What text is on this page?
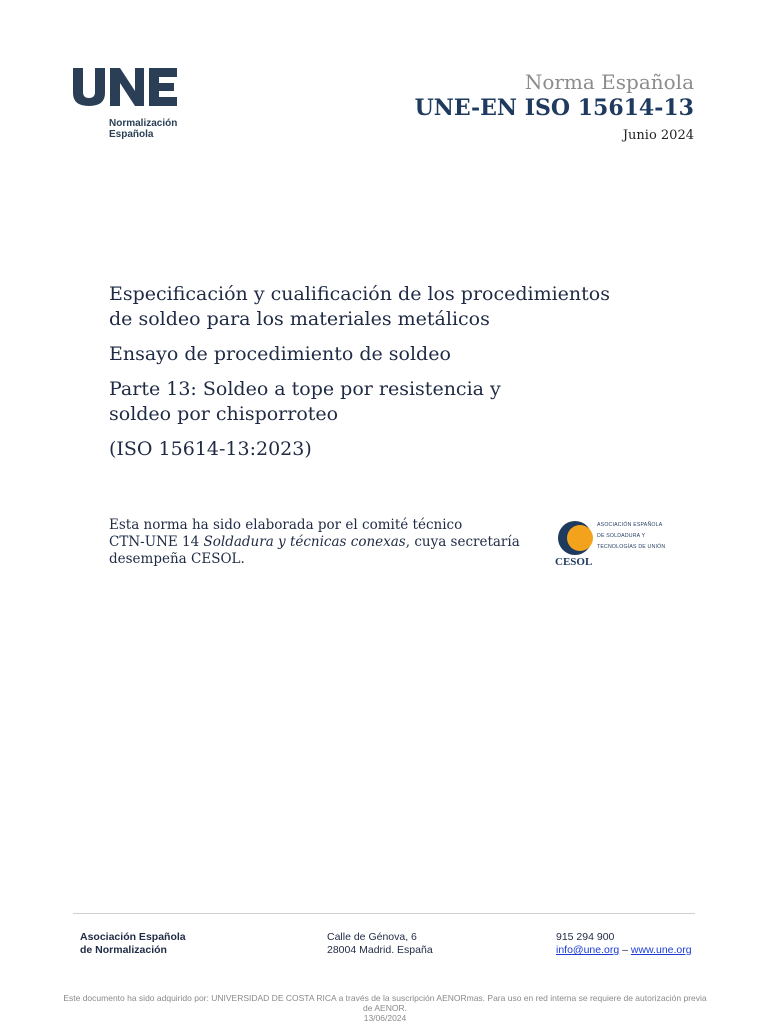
Normalización
Española
Norma Española
UNE-EN ISO 15614-13
Junio 2024

Especificación y cualificación de los procedimientos

de soldeo para los materiales metálicos

Ensayo de procedimiento de soldeo

Parte 13: Soldeo a tope por resistencia y

soldeo por chisporroteo

(ISO 15614-13:2023)

Esta norma ha sido elaborada por el comité técnico
CTN-UNE 14 Soldadura y técnicas conexas, cuya secretaría
desempeña CESOL.
ASOCIACIÓN ESPAÑOLA
DE SOLDADURA Y
TECNOLOGÍAS DE UNIÓN
CESOL
Asociación Española
de Normalización
Calle de Génova, 6
28004 Madrid. España
915 294 900
info@une.org – www.une.org
Este documento ha sido adquirido por: UNIVERSIDAD DE COSTA RICA a través de la suscripción AENORmas. Para uso en red interna se requiere de autorización previa
de AENOR.
13/06/2024
